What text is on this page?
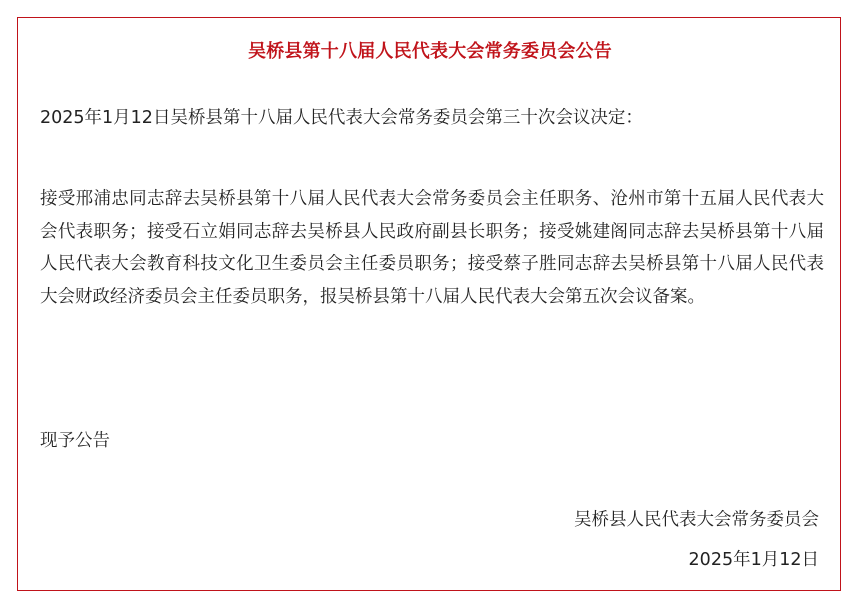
吴桥县第十八届人民代表大会常务委员会公告

2025年1月12日吴桥县第十八届人民代表大会常务委员会第三十次会议决定：

接受邢浦忠同志辞去吴桥县第十八届人民代表大会常务委员会主任职务、沧州市第十五届人民代表大会代表职务；接受石立娟同志辞去吴桥县人民政府副县长职务；接受姚建阁同志辞去吴桥县第十八届人民代表大会教育科技文化卫生委员会主任委员职务；接受蔡子胜同志辞去吴桥县第十八届人民代表大会财政经济委员会主任委员职务，报吴桥县第十八届人民代表大会第五次会议备案。

现予公告

吴桥县人民代表大会常务委员会

2025年1月12日
